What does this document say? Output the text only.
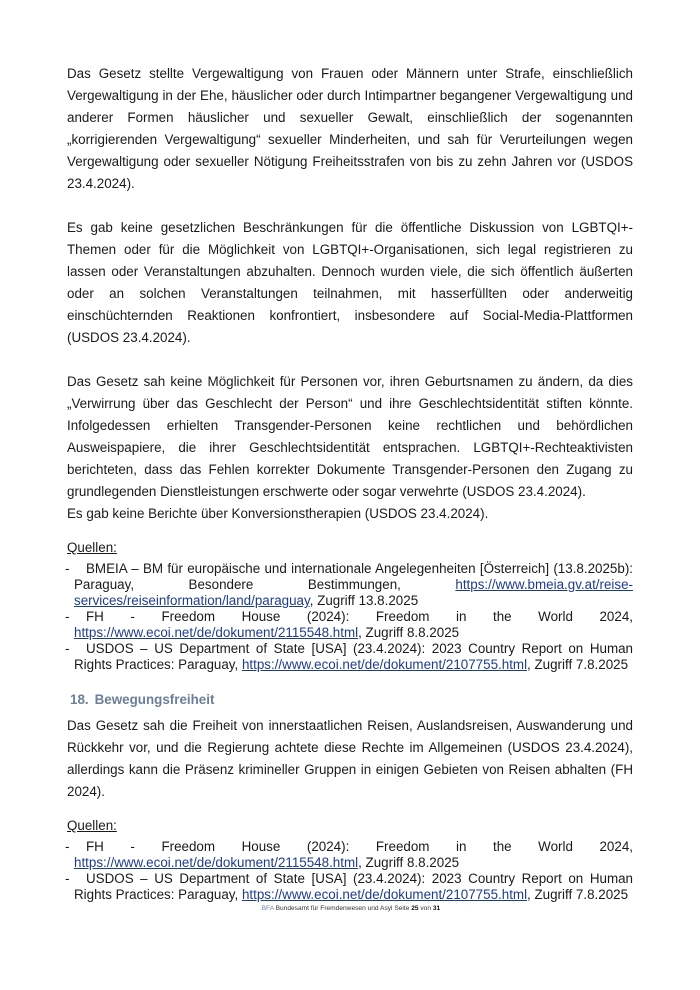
Das Gesetz stellte Vergewaltigung von Frauen oder Männern unter Strafe, einschließlich Vergewaltigung in der Ehe, häuslicher oder durch Intimpartner begangener Vergewaltigung und anderer Formen häuslicher und sexueller Gewalt, einschließlich der sogenannten „korrigierenden Vergewaltigung“ sexueller Minderheiten, und sah für Verurteilungen wegen Vergewaltigung oder sexueller Nötigung Freiheitsstrafen von bis zu zehn Jahren vor (USDOS 23.4.2024).

Es gab keine gesetzlichen Beschränkungen für die öffentliche Diskussion von LGBTQI+-Themen oder für die Möglichkeit von LGBTQI+-Organisationen, sich legal registrieren zu lassen oder Veranstaltungen abzuhalten. Dennoch wurden viele, die sich öffentlich äußerten oder an solchen Veranstaltungen teilnahmen, mit hasserfüllten oder anderweitig einschüchternden Reaktionen konfrontiert, insbesondere auf Social-Media-Plattformen (USDOS 23.4.2024).

Das Gesetz sah keine Möglichkeit für Personen vor, ihren Geburtsnamen zu ändern, da dies „Verwirrung über das Geschlecht der Person“ und ihre Geschlechtsidentität stiften könnte. Infolgedessen erhielten Transgender-Personen keine rechtlichen und behördlichen Ausweispapiere, die ihrer Geschlechtsidentität entsprachen. LGBTQI+-Rechteaktivisten berichteten, dass das Fehlen korrekter Dokumente Transgender-Personen den Zugang zu grundlegenden Dienstleistungen erschwerte oder sogar verwehrte (USDOS 23.4.2024).

Es gab keine Berichte über Konversionstherapien (USDOS 23.4.2024).

Quellen:

- BMEIA – BM für europäische und internationale Angelegenheiten [Österreich] (13.8.2025b): Paraguay, Besondere Bestimmungen, https://www.bmeia.gv.at/reise-services/reiseinformation/land/paraguay, Zugriff 13.8.2025
- FH - Freedom House (2024): Freedom in the World 2024, https://www.ecoi.net/de/dokument/2115548.html, Zugriff 8.8.2025
- USDOS – US Department of State [USA] (23.4.2024): 2023 Country Report on Human Rights Practices: Paraguay, https://www.ecoi.net/de/dokument/2107755.html, Zugriff 7.8.2025
18. Bewegungsfreiheit

Das Gesetz sah die Freiheit von innerstaatlichen Reisen, Auslandsreisen, Auswanderung und Rückkehr vor, und die Regierung achtete diese Rechte im Allgemeinen (USDOS 23.4.2024), allerdings kann die Präsenz krimineller Gruppen in einigen Gebieten von Reisen abhalten (FH 2024).

Quellen:

- FH - Freedom House (2024): Freedom in the World 2024, https://www.ecoi.net/de/dokument/2115548.html, Zugriff 8.8.2025
- USDOS – US Department of State [USA] (23.4.2024): 2023 Country Report on Human Rights Practices: Paraguay, https://www.ecoi.net/de/dokument/2107755.html, Zugriff 7.8.2025
.BFA Bundesamt für Fremdenwesen und Asyl Seite 25 von 31
